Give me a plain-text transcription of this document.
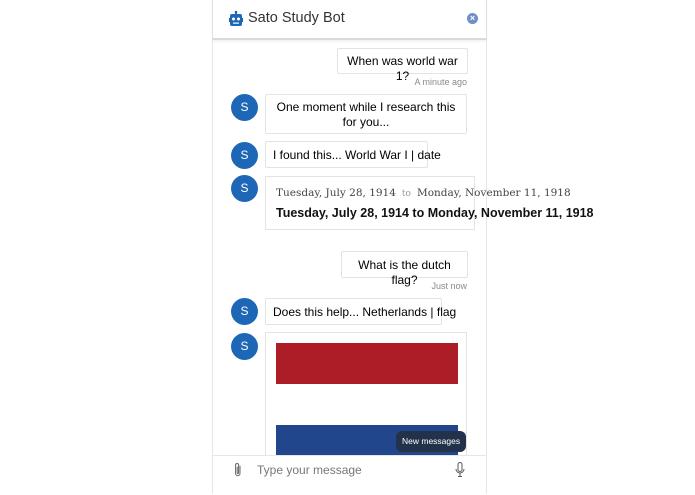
Sato Study Bot	×
When was world war 1? A minute ago
S	One moment while I research this for you...
S	I found this... World War I | date
S	Tuesday, July 28, 1914 to Monday, November 11, 1918
Tuesday, July 28, 1914 to Monday, November 11, 1918
What is the dutch flag?	Just now
S	Does this help... Netherlands | flag
S
New messages
Type your message
